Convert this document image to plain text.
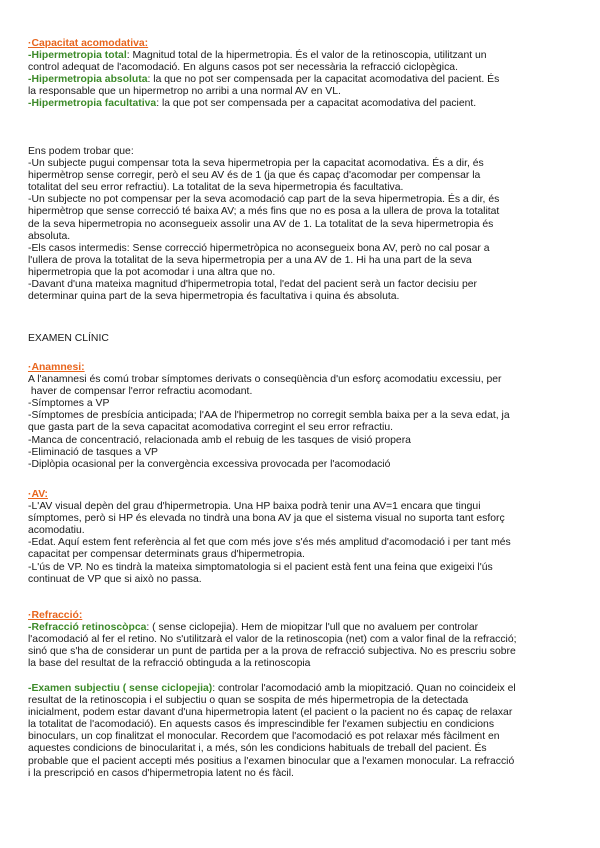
·Capacitat acomodativa:
-Hipermetropia total: Magnitud total de la hipermetropia. És el valor de la retinoscopia, utilitzant un
control adequat de l'acomodació. En alguns casos pot ser necessària la refracció ciclopègica.
-Hipermetropia absoluta: la que no pot ser compensada per la capacitat acomodativa del pacient. És
la responsable que un hipermetrop no arribi a una normal AV en VL.
-Hipermetropia facultativa: la que pot ser compensada per a capacitat acomodativa del pacient.
Ens podem trobar que:
-Un subjecte pugui compensar tota la seva hipermetropia per la capacitat acomodativa. És a dir, és
hipermètrop sense corregir, però el seu AV és de 1 (ja que és capaç d'acomodar per compensar la
totalitat del seu error refractiu). La totalitat de la seva hipermetropia és facultativa.
-Un subjecte no pot compensar per la seva acomodació cap part de la seva hipermetropia. És a dir, és
hipermètrop que sense correcció té baixa AV; a més fins que no es posa a la ullera de prova la totalitat
de la seva hipermetropia no aconsegueix assolir una AV de 1. La totalitat de la seva hipermetropia és
absoluta.
-Els casos intermedis: Sense correcció hipermetròpica no aconsegueix bona AV, però no cal posar a
l'ullera de prova la totalitat de la seva hipermetropia per a una AV de 1. Hi ha una part de la seva
hipermetropia que la pot acomodar i una altra que no.
-Davant d'una mateixa magnitud d'hipermetropia total, l'edat del pacient serà un factor decisiu per
determinar quina part de la seva hipermetropia és facultativa i quina és absoluta.
EXAMEN CLÍNIC
·Anamnesi:
A l'anamnesi és comú trobar símptomes derivats o conseqüència d'un esforç acomodatiu excessiu, per
haver de compensar l'error refractiu acomodant.
-Símptomes a VP
-Símptomes de presbícia anticipada; l'AA de l'hipermetrop no corregit sembla baixa per a la seva edat, ja
que gasta part de la seva capacitat acomodativa corregint el seu error refractiu.
-Manca de concentració, relacionada amb el rebuig de les tasques de visió propera
-Eliminació de tasques a VP
-Diplòpia ocasional per la convergència excessiva provocada per l'acomodació
·AV:
-L'AV visual depèn del grau d'hipermetropia. Una HP baixa podrà tenir una AV=1 encara que tingui
símptomes, però si HP és elevada no tindrà una bona AV ja que el sistema visual no suporta tant esforç
acomodatiu.
-Edat. Aquí estem fent referència al fet que com més jove s'és més amplitud d'acomodació i per tant més
capacitat per compensar determinats graus d'hipermetropia.
-L'ús de VP. No es tindrà la mateixa simptomatologia si el pacient està fent una feina que exigeixi l'ús
continuat de VP que si això no passa.
·Refracció:
-Refracció retinoscòpca: ( sense ciclopejia). Hem de miopitzar l'ull que no avaluem per controlar
l'acomodació al fer el retino. No s'utilitzarà el valor de la retinoscopia (net) com a valor final de la refracció;
sinó que s'ha de considerar un punt de partida per a la prova de refracció subjectiva. No es prescriu sobre
la base del resultat de la refracció obtinguda a la retinoscopia
-Examen subjectiu ( sense ciclopejia): controlar l'acomodació amb la miopització. Quan no coincideix el
resultat de la retinoscopia i el subjectiu o quan se sospita de més hipermetropia de la detectada
inicialment, podem estar davant d'una hipermetropia latent (el pacient o la pacient no és capaç de relaxar
la totalitat de l'acomodació). En aquests casos és imprescindible fer l'examen subjectiu en condicions
binoculars, un cop finalitzat el monocular. Recordem que l'acomodació es pot relaxar més fàcilment en
aquestes condicions de binocularitat i, a més, són les condicions habituals de treball del pacient. És
probable que el pacient accepti més positius a l'examen binocular que a l'examen monocular. La refracció
i la prescripció en casos d'hipermetropia latent no és fàcil.
